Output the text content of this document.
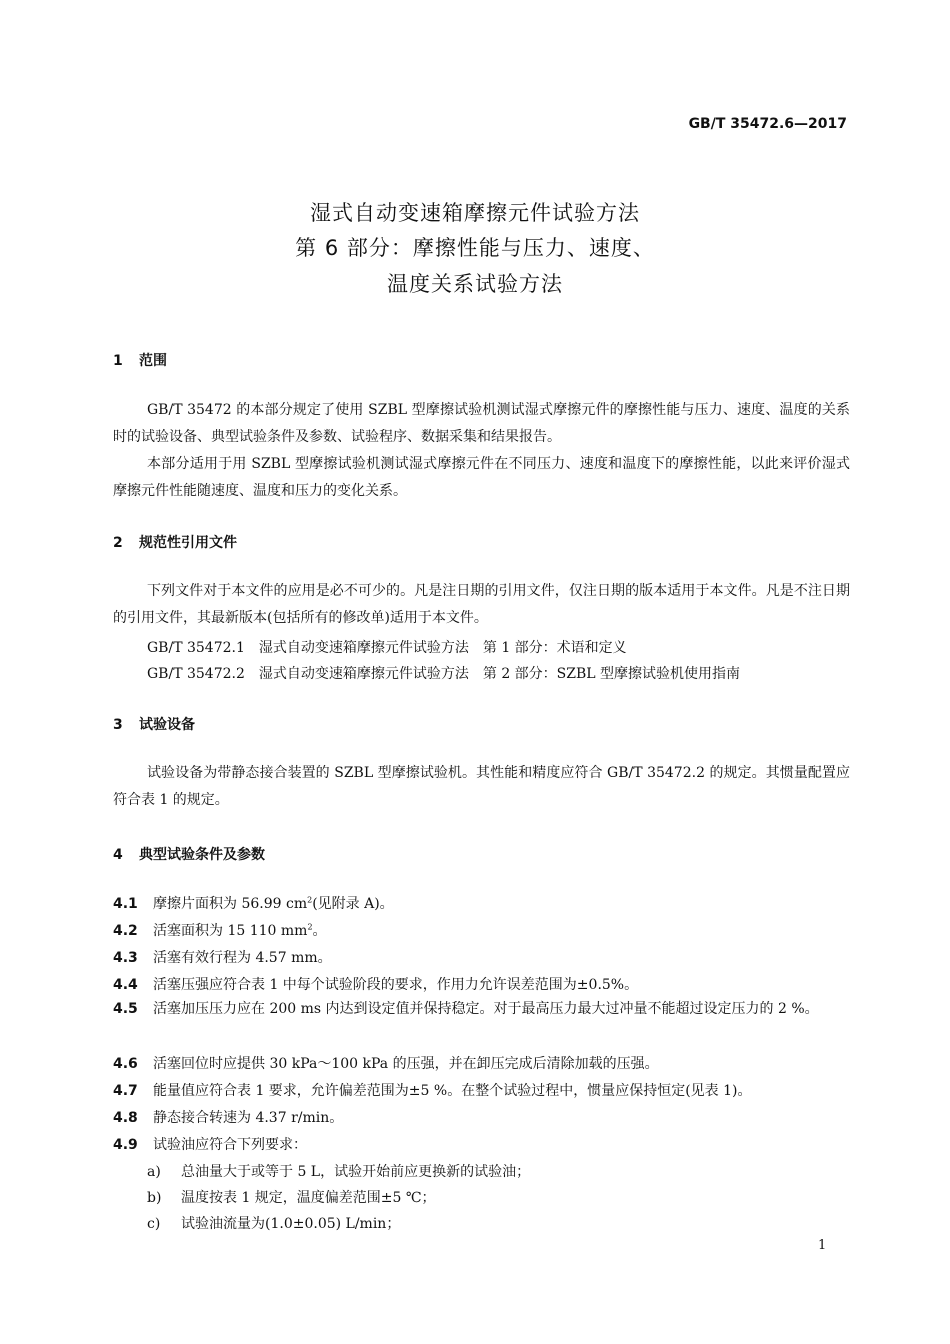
GB/T 35472.6—2017
湿式自动变速箱摩擦元件试验方法
第 6 部分：摩擦性能与压力、速度、
温度关系试验方法
1 范围
GB/T 35472 的本部分规定了使用 SZBL 型摩擦试验机测试湿式摩擦元件的摩擦性能与压力、速度、温度的关系时的试验设备、典型试验条件及参数、试验程序、数据采集和结果报告。
本部分适用于用 SZBL 型摩擦试验机测试湿式摩擦元件在不同压力、速度和温度下的摩擦性能，以此来评价湿式摩擦元件性能随速度、温度和压力的变化关系。
2 规范性引用文件
下列文件对于本文件的应用是必不可少的。凡是注日期的引用文件，仅注日期的版本适用于本文件。凡是不注日期的引用文件，其最新版本(包括所有的修改单)适用于本文件。
GB/T 35472.1　湿式自动变速箱摩擦元件试验方法　第 1 部分：术语和定义
GB/T 35472.2　湿式自动变速箱摩擦元件试验方法　第 2 部分：SZBL 型摩擦试验机使用指南
3 试验设备
试验设备为带静态接合装置的 SZBL 型摩擦试验机。其性能和精度应符合 GB/T 35472.2 的规定。其惯量配置应符合表 1 的规定。
4 典型试验条件及参数
4.1 摩擦片面积为 56.99 $cm^2$(见附录 A)。
4.2 活塞面积为 15 110 $mm^2$。
4.3 活塞有效行程为 4.57 mm。
4.4 活塞压强应符合表 1 中每个试验阶段的要求，作用力允许误差范围为±0.5%。
4.5 活塞加压压力应在 200 ms 内达到设定值并保持稳定。对于最高压力最大过冲量不能超过设定压力的 2 %。
4.6 活塞回位时应提供 30 kPa～100 kPa 的压强，并在卸压完成后清除加载的压强。
4.7 能量值应符合表 1 要求，允许偏差范围为±5 %。在整个试验过程中，惯量应保持恒定(见表 1)。
4.8 静态接合转速为 4.37 r/min。
4.9 试验油应符合下列要求：
a) 总油量大于或等于 5 L，试验开始前应更换新的试验油；
b) 温度按表 1 规定，温度偏差范围±5 ℃；
c) 试验油流量为(1.0±0.05) L/min；
1
